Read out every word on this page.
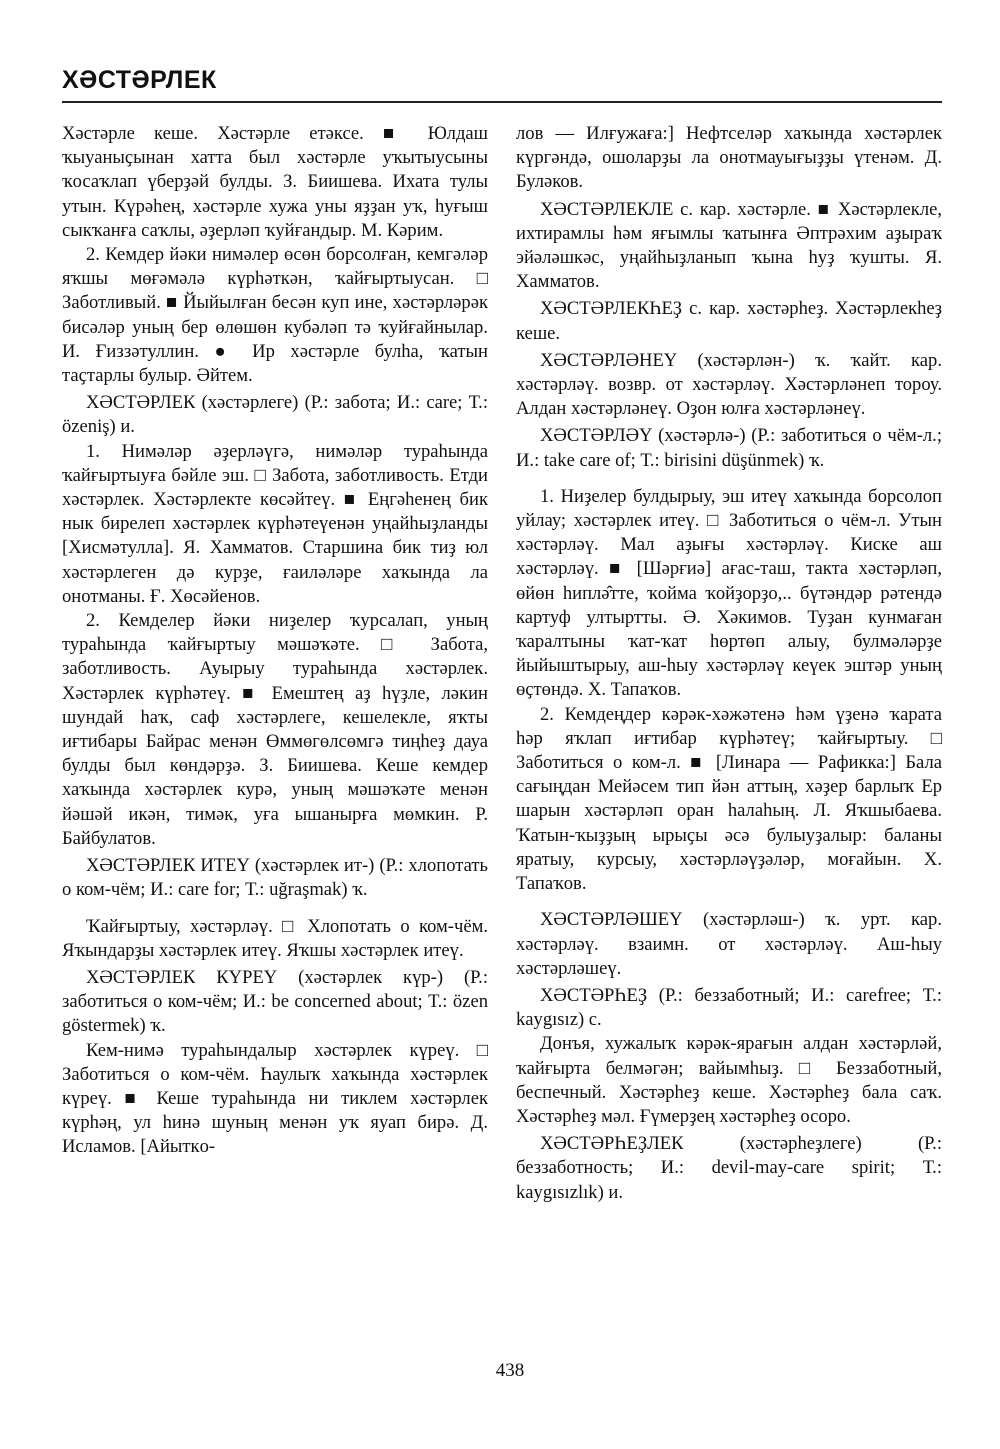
ХӘСТӘРЛЕК

Хәстәрле кеше. Хәстәрле етәксе. ■ Юлдаш ҡыуаныҫынан хатта был хәстәрле уҡытыусыны ҡосаҡлап үберҙәй булды. З. Биишева. Ихата тулы утын. Күрәһең, хәстәрле хужа уны яҙҙан уҡ, һуғыш сыкҡанға саҡлы, әҙерләп ҡуйғандыр. М. Кәрим.

2. Кемдер йәки нимәлер өсөн борсолған, кемгәләр яҡшы мөғәмәлә күрһәткән, ҡайғыртыусан. □ Заботливый. ■ Йыйылған бесән куп ине, хәстәрләрәк бисәләр уның бер өлөшөн кубәләп тә ҡуйғайнылар. И. Ғиззәтуллин. ● Ир хәстәрле булһа, ҡатын таҫтарлы булыр. Әйтем.

ХӘСТӘРЛЕК (хәстәрлеге) (Р.: забота; И.: care; Т.: özeniş) и.

1. Нимәләр әҙерләүгә, нимәләр тураһында ҡайғыртыуға бәйле эш. □ Забота, заботливость. Етди хәстәрлек. Хәстәрлекте көсәйтеү. ■ Еңгәһенең бик нык бирелеп хәстәрлек күрһәтеүенән уңайһыҙланды [Хисмәтулла]. Я. Хамматов. Старшина бик тиҙ юл хәстәрлеген дә курҙе, ғаиләләре хаҡында ла онотманы. Ғ. Хөсәйенов.

2. Кемделер йәки ниҙелер ҡурсалап, уның тураһында ҡайғыртыу мәшәҡәте. □ Забота, заботливость. Ауырыу тураһында хәстәрлек. Хәстәрлек күрһәтеү. ■ Емештең аҙ һүҙле, ләкин шундай һаҡ, саф хәстәрлеге, кешелекле, яҡты иғтибары Байрас менән Өммөгөлсөмгә тиңһеҙ дауа булды был көндәрҙә. З. Биишева. Кеше кемдер хаҡында хәстәрлек курә, уның мәшәҡәте менән йәшәй икән, тимәк, уға ышанырға мөмкин. Р. Байбулатов.

ХӘСТӘРЛЕК ИТЕҮ (хәстәрлек ит-) (Р.: хлопотать о ком-чём; И.: care for; Т.: uğraşmak) ҡ.

Ҡайғыртыу, хәстәрләү. □ Хлопотать о ком-чём. Яҡындарҙы хәстәрлек итеү. Яҡшы хәстәрлек итеү.

ХӘСТӘРЛЕК КҮРЕҮ (хәстәрлек күр-) (Р.: заботиться о ком-чём; И.: be concerned about; Т.: özen göstermek) ҡ.

Кем-нимә тураһындалыр хәстәрлек күреү. □ Заботиться о ком-чём. Һаулыҡ хаҡында хәстәрлек күреү. ■ Кеше тураһында ни тиклем хәстәрлек күрһәң, ул һинә шуның менән уҡ яуап бирә. Д. Исламов. [Айыткo-

лов — Илғужаға:] Нефтселәр хаҡында хәстәрлек күргәндә, ошоларҙы ла онотмауығыҙҙы үтенәм. Д. Буләков.

ХӘСТӘРЛЕКЛЕ с. кар. хәстәрле. ■ Хәстәрлекле, ихтирамлы һәм яғымлы ҡатынға Әптрәхим аҙыраҡ эйәләшкәс, уңайһыҙланып ҡына һуҙ ҡушты. Я. Хамматов.

ХӘСТӘРЛЕКҺЕҘ с. кар. хәстәрһеҙ. Хәстәрлекһеҙ кеше.

ХӘСТӘРЛӘНЕҮ (хәстәрлән-) ҡ. ҡайт. кар. хәстәрләү. возвр. от хәстәрләү. Хәстәрләнеп тороу. Алдан хәстәрләнеү. Оҙон юлға хәстәрләнеү.

ХӘСТӘРЛӘҮ (хәстәрлә-) (Р.: заботиться о чём-л.; И.: take care of; Т.: birisini düşünmek) ҡ.

1. Ниҙелер булдырыу, эш итеү хаҡында борсолоп уйлау; хәстәрлек итеү. □ Заботиться о чём-л. Утын хәстәрләү. Мал аҙығы хәстәрләү. Киске аш хәстәрләү. ■ [Шәрғиә] ағас-таш, такта хәстәрләп, өйөн һиплә̂тте, ҡойма ҡойҙорҙо,.. бүтәндәр рәтендә картуф ултыртты. Ә. Хәкимов. Туҙан кунмаған ҡаралтыны ҡат-ҡат һөртөп алыу, булмәләрҙе йыйыштырыу, аш-һыу хәстәрләү кеүек эштәр уның өҫтөндә. Х. Тапаҡов.

2. Кемдеңдер кәрәк-хәжәтенә һәм үҙенә ҡарата һәр яҡлап иғтибар күрһәтеү; ҡайғыртыу. □ Заботиться о ком-л. ■ [Линара — Рафикка:] Бала сағыңдан Мейәсем тип йән аттың, хәҙер барлыҡ Ер шарын хәстәрләп оран һалаһың. Л. Яҡшыбаева. Ҡатын-ҡыҙҙың ырыҫы әсә булыуҙалыр: баланы яратыу, курсыу, хәстәрләүҙәләр, моғайын. Х. Тапаҡов.

ХӘСТӘРЛӘШЕҮ (хәстәрләш-) ҡ. урт. кар. хәстәрләү. взаимн. от хәстәрләү. Аш-һыу хәстәрләшеү.

ХӘСТӘРҺЕҘ (Р.: беззаботный; И.: carefree; Т.: kaygısız) с.

Донъя, хужалыҡ кәрәк-ярағын алдан хәстәрләй, ҡайғыртa белмәгән; вайымһыҙ. □ Беззаботный, беспечный. Хәстәрһеҙ кеше. Хәстәрһеҙ бала саҡ. Хәстәрһеҙ мәл. Ғүмерҙең хәстәрһеҙ осоро.

ХӘСТӘРҺЕҘЛЕК (хәстәрһеҙлеге) (Р.: беззаботность; И.: devil-may-care spirit; Т.: kaygısızlık) и.

438
